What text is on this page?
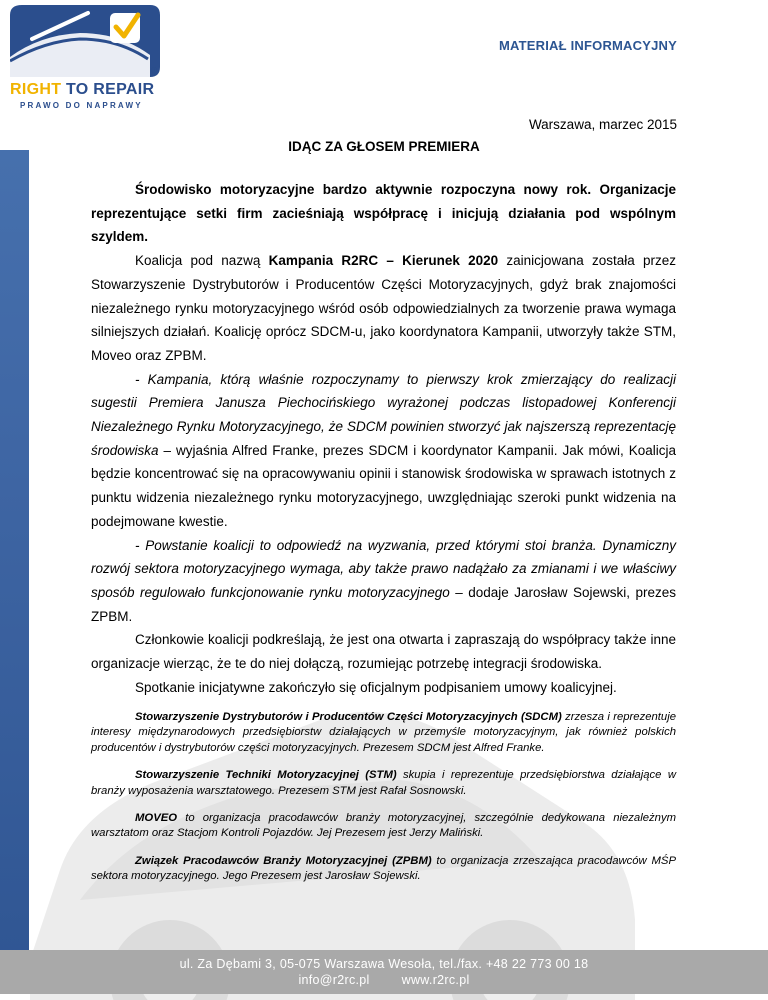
®
RIGHT TO REPAIR
PRAWO DO NAPRAWY
MATERIAŁ INFORMACYJNY
Warszawa, marzec 2015
IDĄC ZA GŁOSEM PREMIERA

Środowisko motoryzacyjne bardzo aktywnie rozpoczyna nowy rok. Organizacje reprezentujące setki firm zacieśniają współpracę i inicjują działania pod wspólnym szyldem.

Koalicja pod nazwą Kampania R2RC – Kierunek 2020 zainicjowana została przez Stowarzyszenie Dystrybutorów i Producentów Części Motoryzacyjnych, gdyż brak znajomości niezależnego rynku motoryzacyjnego wśród osób odpowiedzialnych za tworzenie prawa wymaga silniejszych działań. Koalicję oprócz SDCM-u, jako koordynatora Kampanii, utworzyły także STM, Moveo oraz ZPBM.

- Kampania, którą właśnie rozpoczynamy to pierwszy krok zmierzający do realizacji sugestii Premiera Janusza Piechocińskiego wyrażonej podczas listopadowej Konferencji Niezależnego Rynku Motoryzacyjnego, że SDCM powinien stworzyć jak najszerszą reprezentację środowiska – wyjaśnia Alfred Franke, prezes SDCM i koordynator Kampanii. Jak mówi, Koalicja będzie koncentrować się na opracowywaniu opinii i stanowisk środowiska w sprawach istotnych z punktu widzenia niezależnego rynku motoryzacyjnego, uwzględniając szeroki punkt widzenia na podejmowane kwestie.

- Powstanie koalicji to odpowiedź na wyzwania, przed którymi stoi branża. Dynamiczny rozwój sektora motoryzacyjnego wymaga, aby także prawo nadążało za zmianami i we właściwy sposób regulowało funkcjonowanie rynku motoryzacyjnego – dodaje Jarosław Sojewski, prezes ZPBM.

Członkowie koalicji podkreślają, że jest ona otwarta i zapraszają do współpracy także inne organizacje wierząc, że te do niej dołączą, rozumiejąc potrzebę integracji środowiska.

Spotkanie inicjatywne zakończyło się oficjalnym podpisaniem umowy koalicyjnej.

Stowarzyszenie Dystrybutorów i Producentów Części Motoryzacyjnych (SDCM) zrzesza i reprezentuje interesy międzynarodowych przedsiębiorstw działających w przemyśle motoryzacyjnym, jak również polskich producentów i dystrybutorów części motoryzacyjnych. Prezesem SDCM jest Alfred Franke.

Stowarzyszenie Techniki Motoryzacyjnej (STM) skupia i reprezentuje przedsiębiorstwa działające w branży wyposażenia warsztatowego. Prezesem STM jest Rafał Sosnowski.

MOVEO to organizacja pracodawców branży motoryzacyjnej, szczególnie dedykowana niezależnym warsztatom oraz Stacjom Kontroli Pojazdów. Jej Prezesem jest Jerzy Maliński.

Związek Pracodawców Branży Motoryzacyjnej (ZPBM) to organizacja zrzeszająca pracodawców MŚP sektora motoryzacyjnego. Jego Prezesem jest Jarosław Sojewski.

ul. Za Dębami 3, 05-075 Warszawa Wesoła, tel./fax. +48 22 773 00 18
info@r2rc.pl	www.r2rc.pl
